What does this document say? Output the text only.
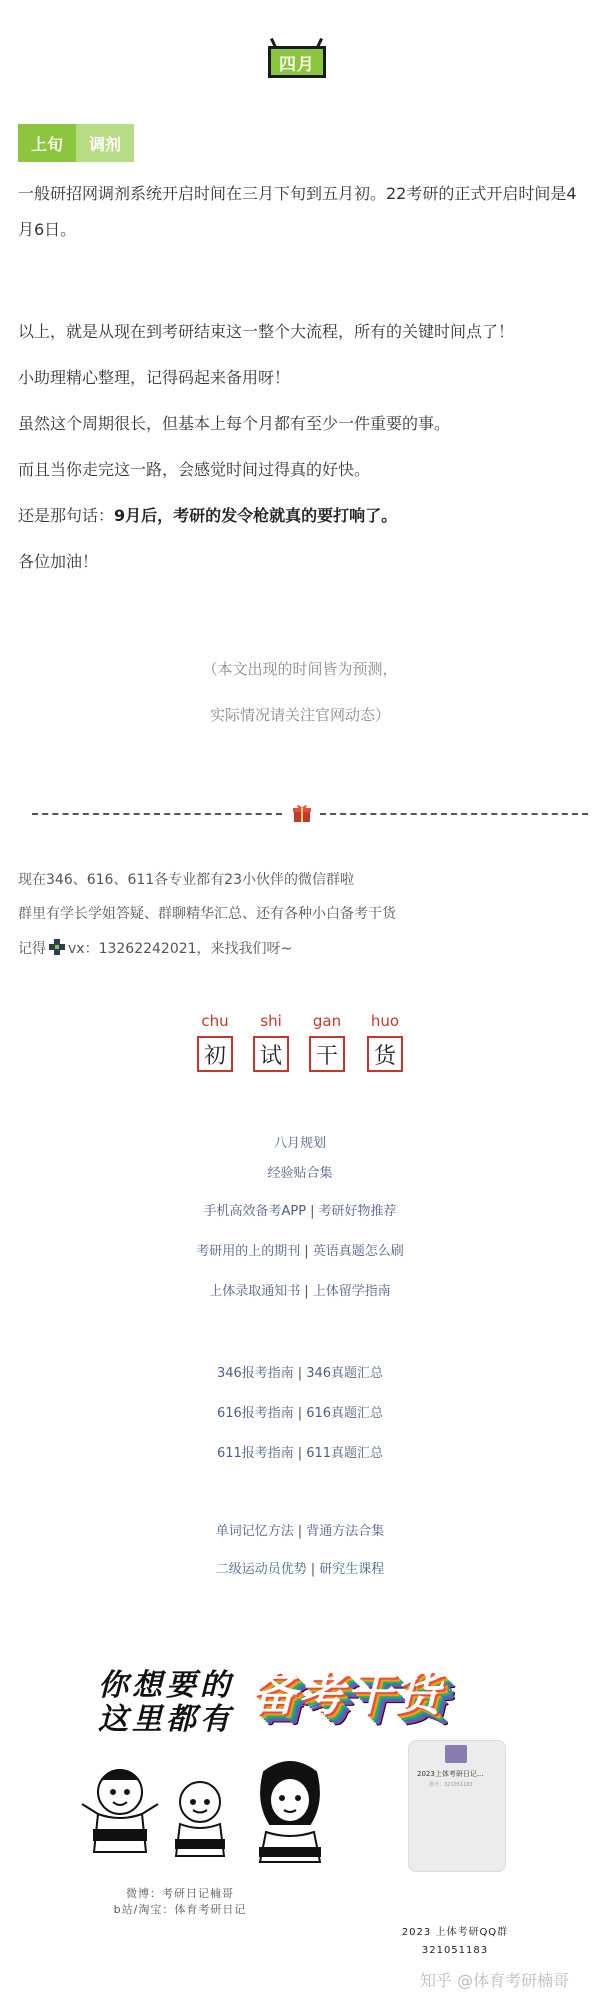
四月
上旬	调剂
一般研招网调剂系统开启时间在三月下旬到五月初。22考研的正式开启时间是4月6日。
以上，就是从现在到考研结束这一整个大流程，所有的关键时间点了！
小助理精心整理，记得码起来备用呀！
虽然这个周期很长，但基本上每个月都有至少一件重要的事。
而且当你走完这一路，会感觉时间过得真的好快。
还是那句话：9月后，考研的发令枪就真的要打响了。
各位加油！
（本文出现的时间皆为预测，
实际情况请关注官网动态）
现在346、616、611各专业都有23小伙伴的微信群啦
群里有学长学姐答疑、群聊精华汇总、还有各种小白备考干货
记得 vx：13262242021，来找我们呀~
chu	shi	gan	huo
初	试	干	货
八月规划
经验贴合集
手机高效备考APP | 考研好物推荐
考研用的上的期刊 | 英语真题怎么刷
上体录取通知书 | 上体留学指南
346报考指南 | 346真题汇总
616报考指南 | 616真题汇总
611报考指南 | 611真题汇总
单词记忆方法 | 背通方法合集
二级运动员优势 | 研究生课程
你想要的
这里都有 备考干货
2023上体考研日记...
群号：321051183
微博：考研日记楠哥
b站/淘宝：体育考研日记
2023 上体考研QQ群
321051183
知乎 @体育考研楠哥
